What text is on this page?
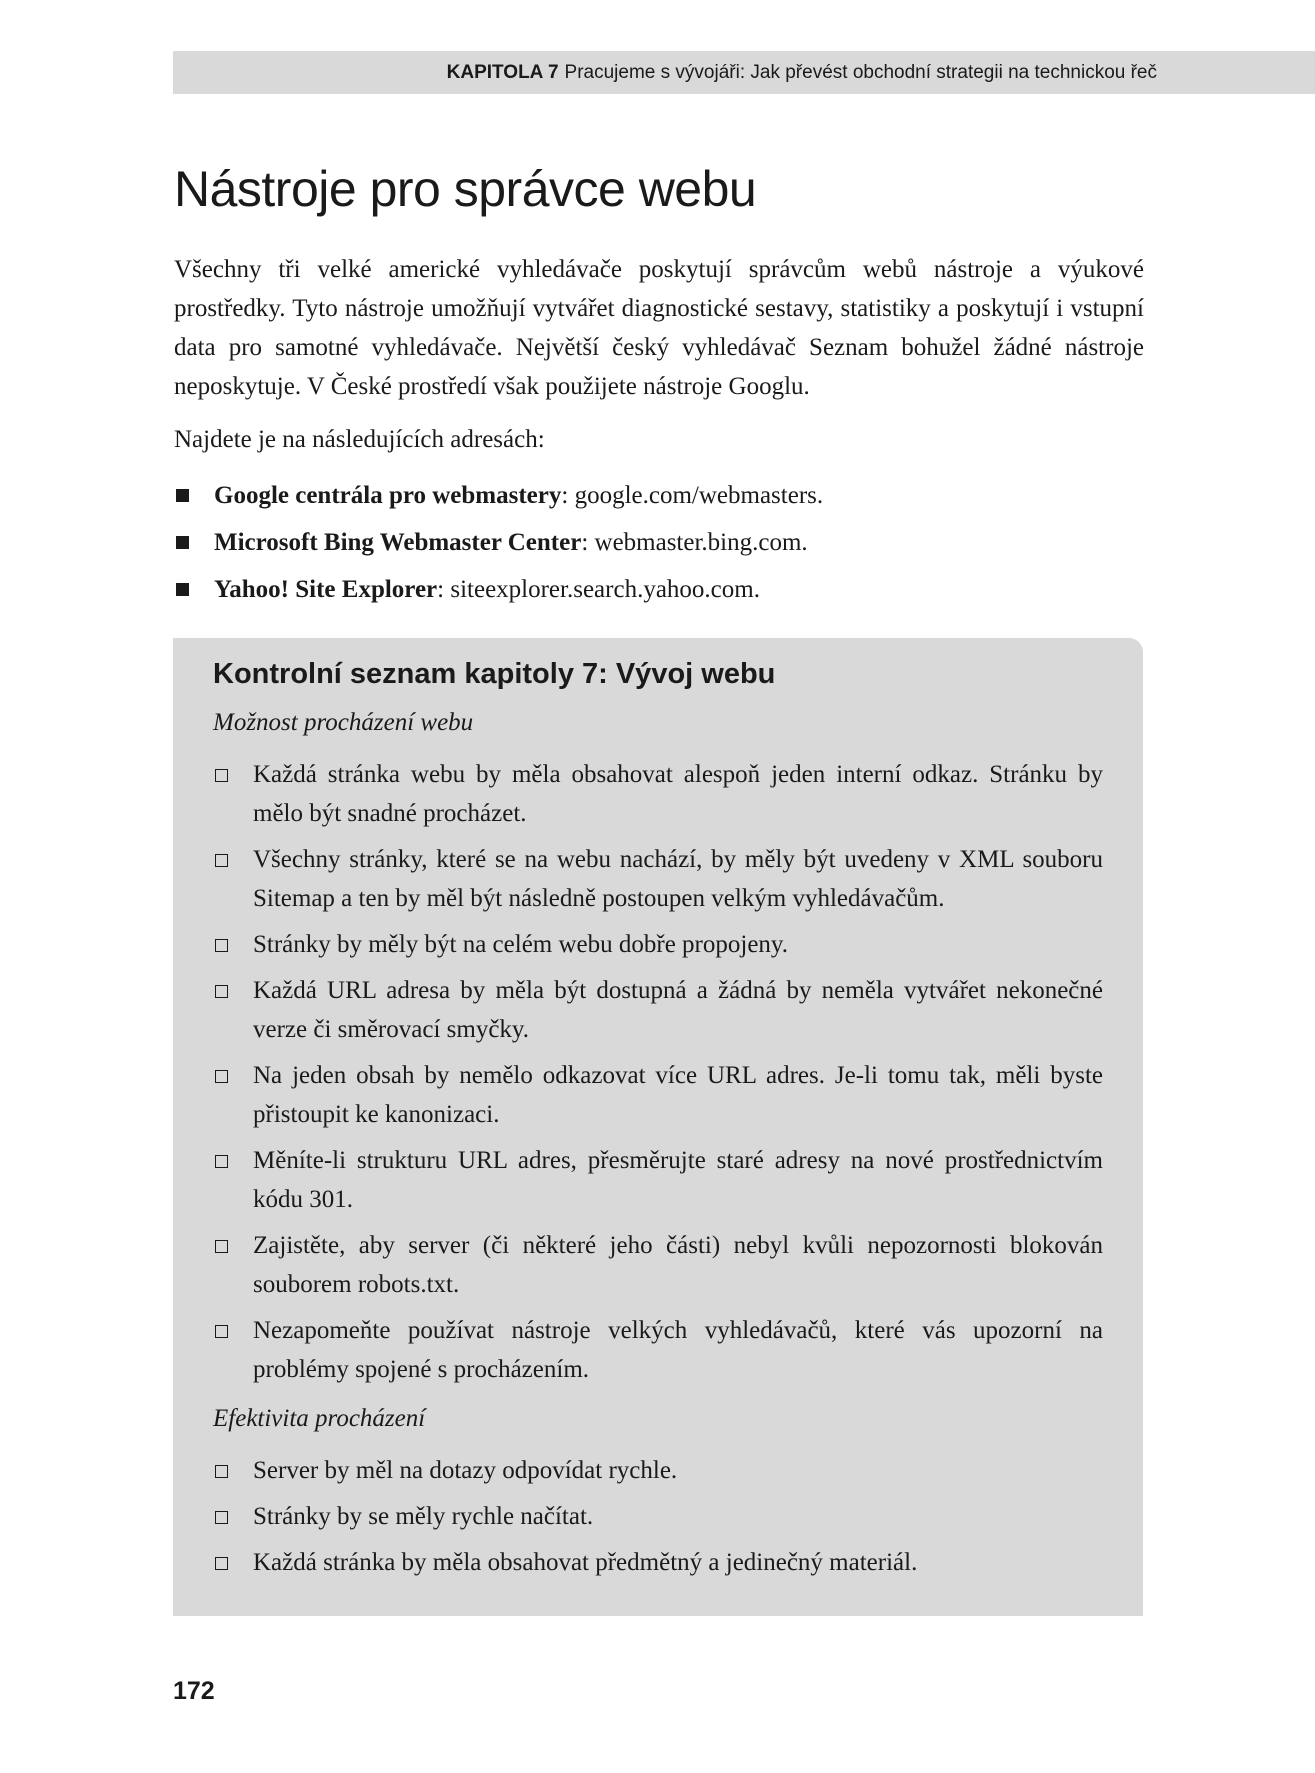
KAPITOLA 7 Pracujeme s vývojáři: Jak převést obchodní strategii na technickou řeč
Nástroje pro správce webu

Všechny tři velké americké vyhledávače poskytují správcům webů nástroje a výukové prostředky. Tyto nástroje umožňují vytvářet diagnostické sestavy, statistiky a poskytují i vstupní data pro samotné vyhledávače. Největší český vyhledávač Seznam bohužel žádné nástroje neposkytuje. V České prostředí však použijete nástroje Googlu.

Najdete je na následujících adresách:

Google centrála pro webmastery: google.com/webmasters.
Microsoft Bing Webmaster Center: webmaster.bing.com.
Yahoo! Site Explorer: siteexplorer.search.yahoo.com.
Kontrolní seznam kapitoly 7: Vývoj webu

Možnost procházení webu

Každá stránka webu by měla obsahovat alespoň jeden interní odkaz. Stránku by mělo být snadné procházet.
Všechny stránky, které se na webu nachází, by měly být uvedeny v XML souboru Sitemap a ten by měl být následně postoupen velkým vyhledávačům.
Stránky by měly být na celém webu dobře propojeny.
Každá URL adresa by měla být dostupná a žádná by neměla vytvářet nekonečné verze či směrovací smyčky.
Na jeden obsah by nemělo odkazovat více URL adres. Je-li tomu tak, měli byste přistoupit ke kanonizaci.
Měníte-li strukturu URL adres, přesměrujte staré adresy na nové prostřednictvím kódu 301.
Zajistěte, aby server (či některé jeho části) nebyl kvůli nepozornosti blokován souborem robots.txt.
Nezapomeňte používat nástroje velkých vyhledávačů, které vás upozorní na problémy spojené s procházením.

Efektivita procházení

Server by měl na dotazy odpovídat rychle.
Stránky by se měly rychle načítat.
Každá stránka by měla obsahovat předmětný a jedinečný materiál.

172
